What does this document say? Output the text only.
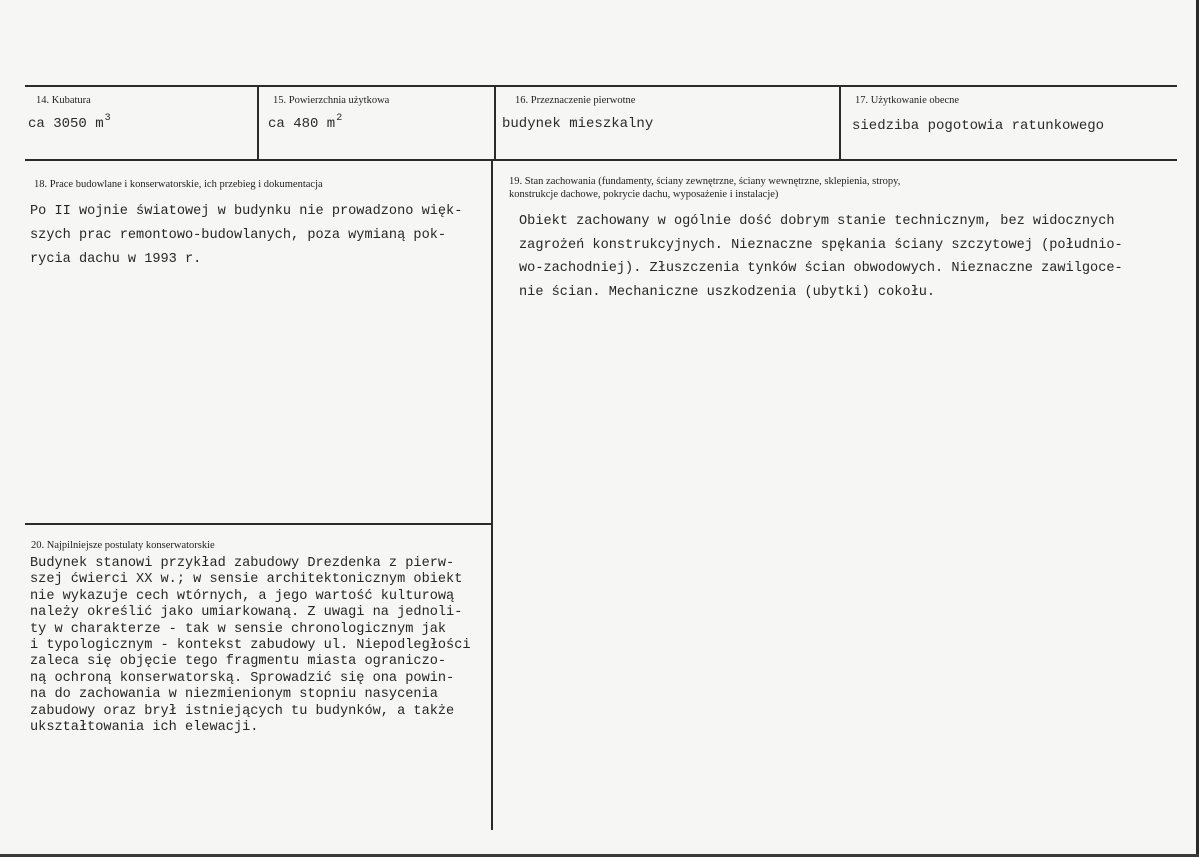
14. Kubatura
ca 3050 $m^3$
15. Powierzchnia użytkowa
ca 480 $m^2$
16. Przeznaczenie pierwotne
budynek mieszkalny
17. Użytkowanie obecne
siedziba pogotowia ratunkowego
18. Prace budowlane i konserwatorskie, ich przebieg i dokumentacja
Po II wojnie światowej w budynku nie prowadzono więk-
szych prac remontowo-budowlanych, poza wymianą pok-
rycia dachu w 1993 r.
19. Stan zachowania (fundamenty, ściany zewnętrzne, ściany wewnętrzne, sklepienia, stropy,
konstrukcje dachowe, pokrycie dachu, wyposażenie i instalacje)
Obiekt zachowany w ogólnie dość dobrym stanie technicznym, bez widocznych
zagrożeń konstrukcyjnych. Nieznaczne spękania ściany szczytowej (południo-
wo-zachodniej). Złuszczenia tynków ścian obwodowych. Nieznaczne zawilgoce-
nie ścian. Mechaniczne uszkodzenia (ubytki) cokołu.
20. Najpilniejsze postulaty konserwatorskie
Budynek stanowi przykład zabudowy Drezdenka z pierw-
szej ćwierci XX w.; w sensie architektonicznym obiekt
nie wykazuje cech wtórnych, a jego wartość kulturową
należy określić jako umiarkowaną. Z uwagi na jednoli-
ty w charakterze - tak w sensie chronologicznym jak
i typologicznym - kontekst zabudowy ul. Niepodległości
zaleca się objęcie tego fragmentu miasta ograniczo-
ną ochroną konserwatorską. Sprowadzić się ona powin-
na do zachowania w niezmienionym stopniu nasycenia
zabudowy oraz brył istniejących tu budynków, a także
ukształtowania ich elewacji.
